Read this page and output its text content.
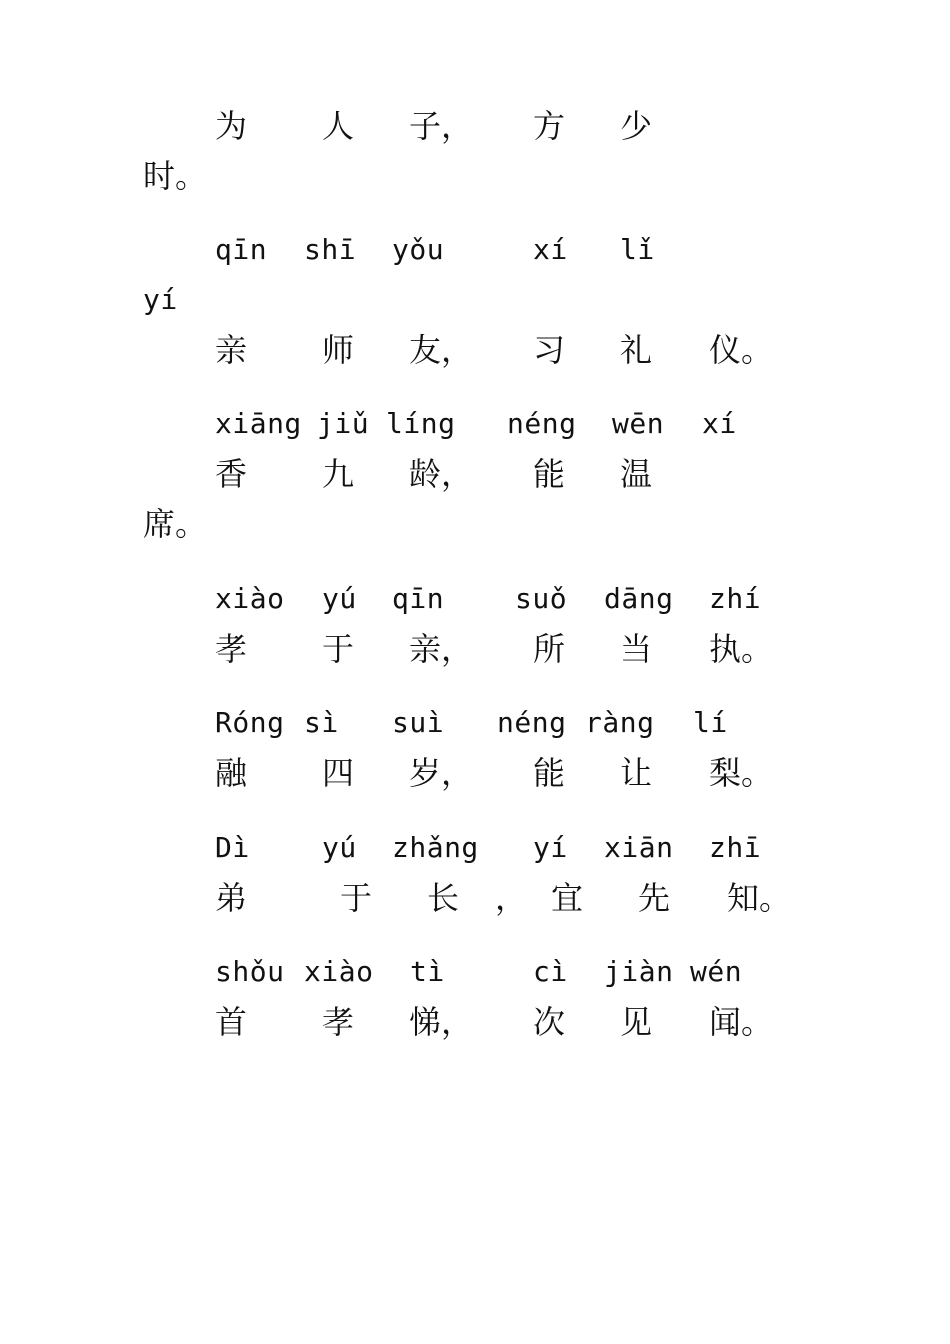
为 人 子， 方 少
时。
qīn shī yǒu	xí lǐ
yí
亲 师 友， 习 礼 仪。
xiāng jiǔ líng néng wēn xí
香 九 龄， 能 温
席。
xiào yú qīn	suǒ dāng zhí
孝 于 亲， 所 当 执。
Róng sì suì néng ràng lí
融 四 岁， 能 让 梨。
Dì	yú zhǎng yí xiān zhī
弟	于 长 ， 宜 先 知。
shǒu xiào tì	cì jiàn wén
首 孝 悌， 次 见 闻。
